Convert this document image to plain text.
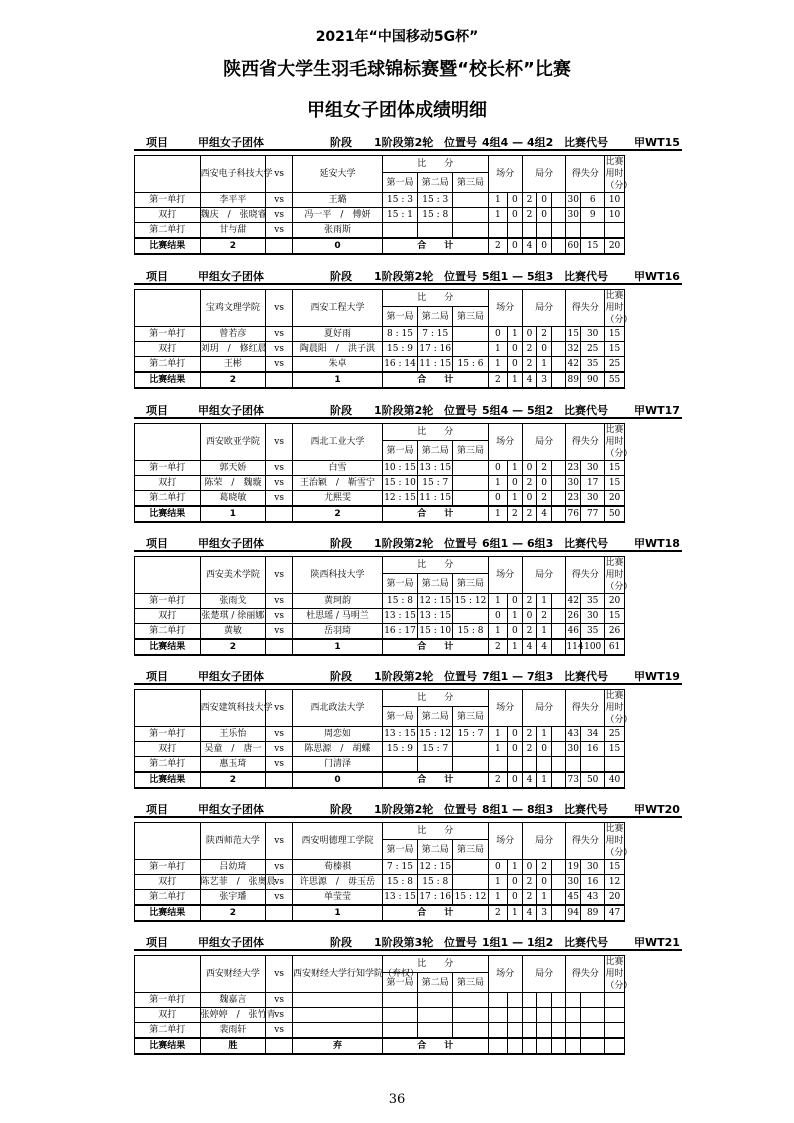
2021年“中国移动5G杯”
陕西省大学生羽毛球锦标赛暨“校长杯”比赛
甲组女子团体成绩明细
项目	甲组女子团体	阶段 1阶段第2轮 位置号 4组4 — 4组2 比赛代号 甲WT15
	西安电子科技大学	vs	延安大学	比　　分			场分		局分			得失分		比赛用时（分）
				第一局	第二局	第三局								
第一单打	李平平	vs	王璐	15 : 3	15 : 3		1	0	2	0		30	6	10
双打	魏庆　/　张晓睿	vs	冯一平　/　傅妍	15 : 1	15 : 8		1	0	2	0		30	9	10
第二单打	甘与甜	vs	张雨斯											
比赛结果	2		0	合　　计			2	0	4	0		60	15	20
项目	甲组女子团体	阶段 1阶段第2轮 位置号 5组1 — 5组3 比赛代号 甲WT16
	宝鸡文理学院	vs	西安工程大学	比　　分			场分		局分			得失分		比赛用时（分）
				第一局	第二局	第三局								
第一单打	曾若彦	vs	夏好雨	8 : 15	7 : 15		0	1	0	2		15	30	15
双打	刘玥　/　修红晨	vs	陶晨阳　/　洪子淇	15 : 9	17 : 16		1	0	2	0		32	25	15
第二单打	王彬	vs	朱卓	16 : 14	11 : 15	15 : 6	1	0	2	1		42	35	25
比赛结果	2		1	合　　计			2	1	4	3		89	90	55
项目	甲组女子团体	阶段 1阶段第2轮 位置号 5组4 — 5组2 比赛代号 甲WT17
	西安欧亚学院	vs	西北工业大学	比　　分			场分		局分			得失分		比赛用时（分）
				第一局	第二局	第三局								
第一单打	郭天娇	vs	白雪	10 : 15	13 : 15		0	1	0	2		23	30	15
双打	陈荣　/　魏璇	vs	王治颖　/　靳雪宁	15 : 10	15 : 7		1	0	2	0		30	17	15
第二单打	葛晓敏	vs	尤熙雯	12 : 15	11 : 15		0	1	0	2		23	30	20
比赛结果	1		2	合　　计			1	2	2	4		76	77	50
项目	甲组女子团体	阶段 1阶段第2轮 位置号 6组1 — 6组3 比赛代号 甲WT18
	西安美术学院	vs	陕西科技大学	比　　分			场分		局分			得失分		比赛用时（分）
				第一局	第二局	第三局								
第一单打	张雨戈	vs	黄珂韵	15 : 8	12 : 15	15 : 12	1	0	2	1		42	35	20
双打	张楚琪 / 徐丽娜	vs	杜思瑶 / 马明兰	13 : 15	13 : 15		0	1	0	2		26	30	15
第二单打	黄敏	vs	岳羽琦	16 : 17	15 : 10	15 : 8	1	0	2	1		46	35	26
比赛结果	2		1	合　　计			2	1	4	4		114	100	61
项目	甲组女子团体	阶段 1阶段第2轮 位置号 7组1 — 7组3 比赛代号 甲WT19
	西安建筑科技大学	vs	西北政法大学	比　　分			场分		局分			得失分		比赛用时（分）
				第一局	第二局	第三局								
第一单打	王乐怡	vs	周恋如	13 : 15	15 : 12	15 : 7	1	0	2	1		43	34	25
双打	吴童　/　唐一	vs	陈思源　/　胡蝶	15 : 9	15 : 7		1	0	2	0		30	16	15
第二单打	惠玉琦	vs	门清泽											
比赛结果	2		0	合　　计			2	0	4	1		73	50	40
项目	甲组女子团体	阶段 1阶段第2轮 位置号 8组1 — 8组3 比赛代号 甲WT20
	陕西师范大学	vs	西安明德理工学院	比　　分			场分		局分			得失分		比赛用时（分）
				第一局	第二局	第三局								
第一单打	吕幼琦	vs	荀榛祺	7 : 15	12 : 15		0	1	0	2		19	30	15
双打	陈艺菲　/　张奥晨	vs	许思源　/　毋玉岳	15 : 8	15 : 8		1	0	2	0		30	16	12
第二单打	张宇璠	vs	单莹莹	13 : 15	17 : 16	15 : 12	1	0	2	1		45	43	20
比赛结果	2		1	合　　计			2	1	4	3		94	89	47
项目	甲组女子团体	阶段 1阶段第3轮 位置号 1组1 — 1组2 比赛代号 甲WT21
	西安财经大学	vs	西安财经大学行知学院（弃权）	比　　分			场分		局分			得失分		比赛用时（分）
				第一局	第二局	第三局								
第一单打	魏嘉言	vs												
双打	张婷婷　/　张竹青	vs												
第二单打	裴雨轩	vs												
比赛结果	胜		弃	合　　计										
36
